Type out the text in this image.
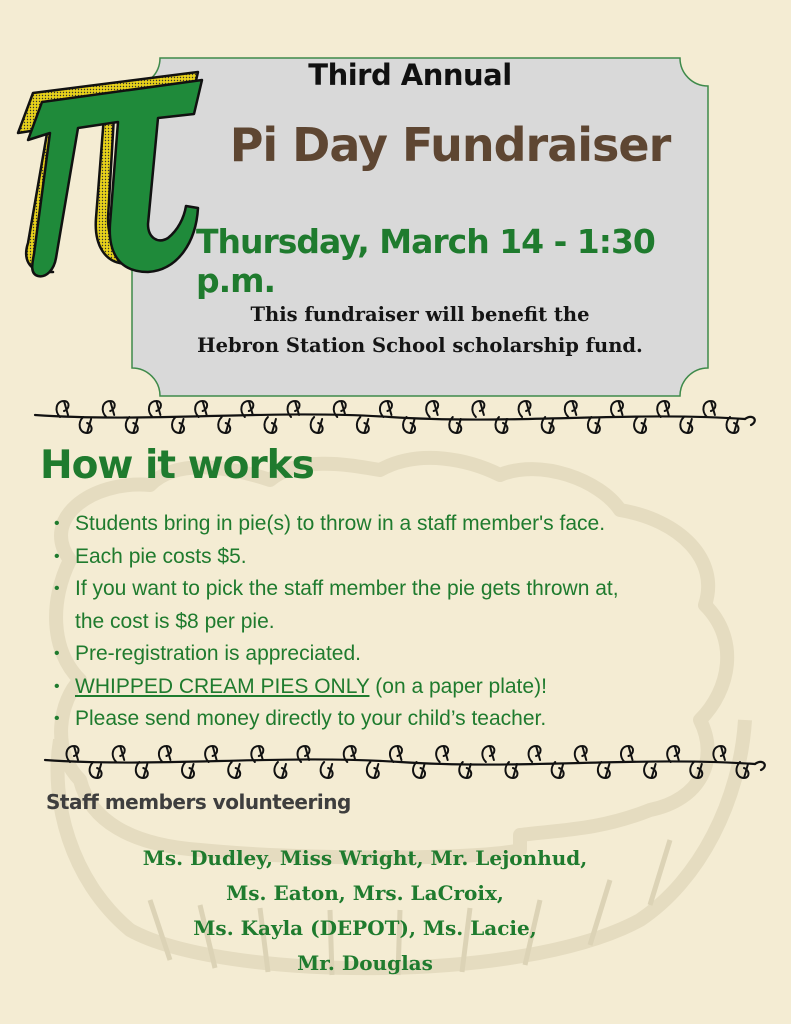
Third Annual
Pi Day Fundraiser
Thursday, March 14 - 1:30 p.m.
This fundraiser will benefit the
Hebron Station School scholarship fund.
How it works
• Students bring in pie(s) to throw in a staff member's face.
• Each pie costs $5.
• If you want to pick the staff member the pie gets thrown at,
the cost is $8 per pie.
• Pre-registration is appreciated.
• WHIPPED CREAM PIES ONLY (on a paper plate)!
• Please send money directly to your child’s teacher.
Staff members volunteering
Ms. Dudley, Miss Wright, Mr. Lejonhud,
Ms. Eaton, Mrs. LaCroix,
Ms. Kayla (DEPOT), Ms. Lacie,
Mr. Douglas
